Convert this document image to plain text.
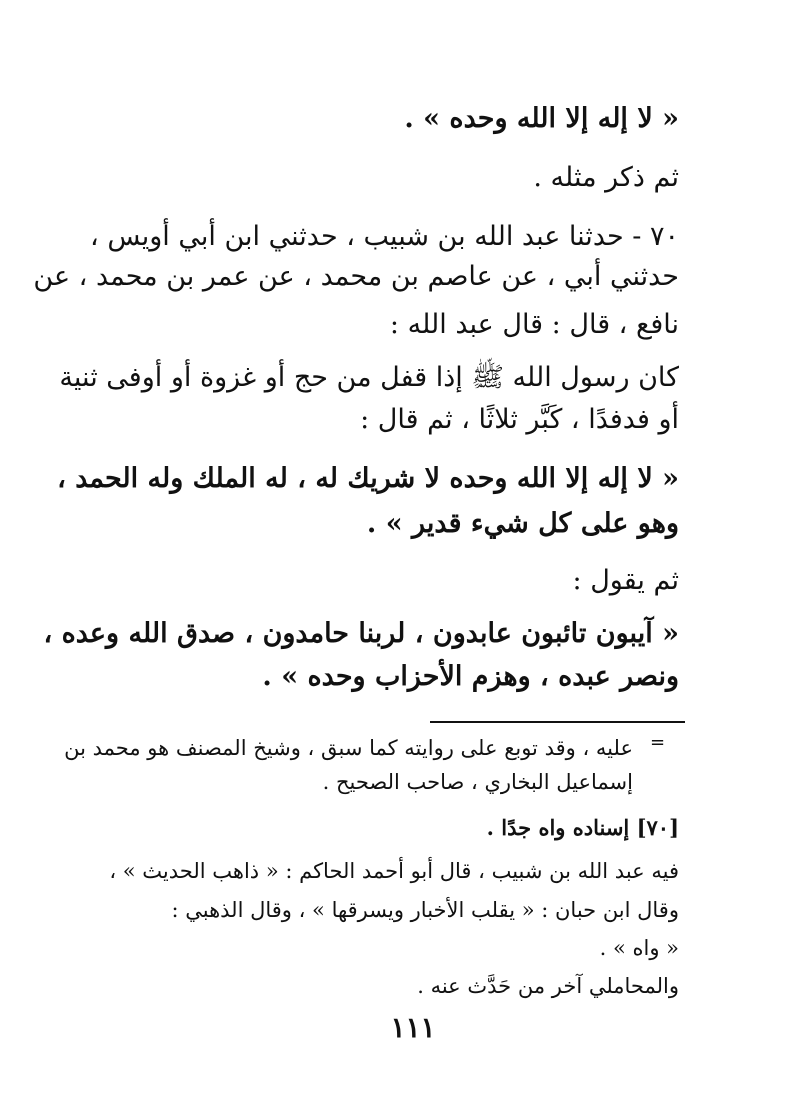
« لا إله إلا الله وحده » .
ثم ذكر مثله .
٧٠ - حدثنا عبد الله بن شبيب ، حدثني ابن أبي أويس ،
حدثني أبي ، عن عاصم بن محمد ، عن عمر بن محمد ، عن
نافع ، قال : قال عبد الله :
كان رسول الله ﷺ إذا قفل من حج أو غزوة أو أوفى ثنية
أو فدفدًا ، كَبَّر ثلاثًا ، ثم قال :
« لا إله إلا الله وحده لا شريك له ، له الملك وله الحمد ،
وهو على كل شيء قدير » .
ثم يقول :
« آيبون تائبون عابدون ، لربنا حامدون ، صدق الله وعده ،
ونصر عبده ، وهزم الأحزاب وحده » .
=
عليه ، وقد توبع على روايته كما سبق ، وشيخ المصنف هو محمد بن
إسماعيل البخاري ، صاحب الصحيح .
[٧٠] إسناده واه جدًا .
فيه عبد الله بن شبيب ، قال أبو أحمد الحاكم : « ذاهب الحديث » ،
وقال ابن حبان : « يقلب الأخبار ويسرقها » ، وقال الذهبي :
« واه » .
والمحاملي آخر من حَدَّث عنه .
١١١
